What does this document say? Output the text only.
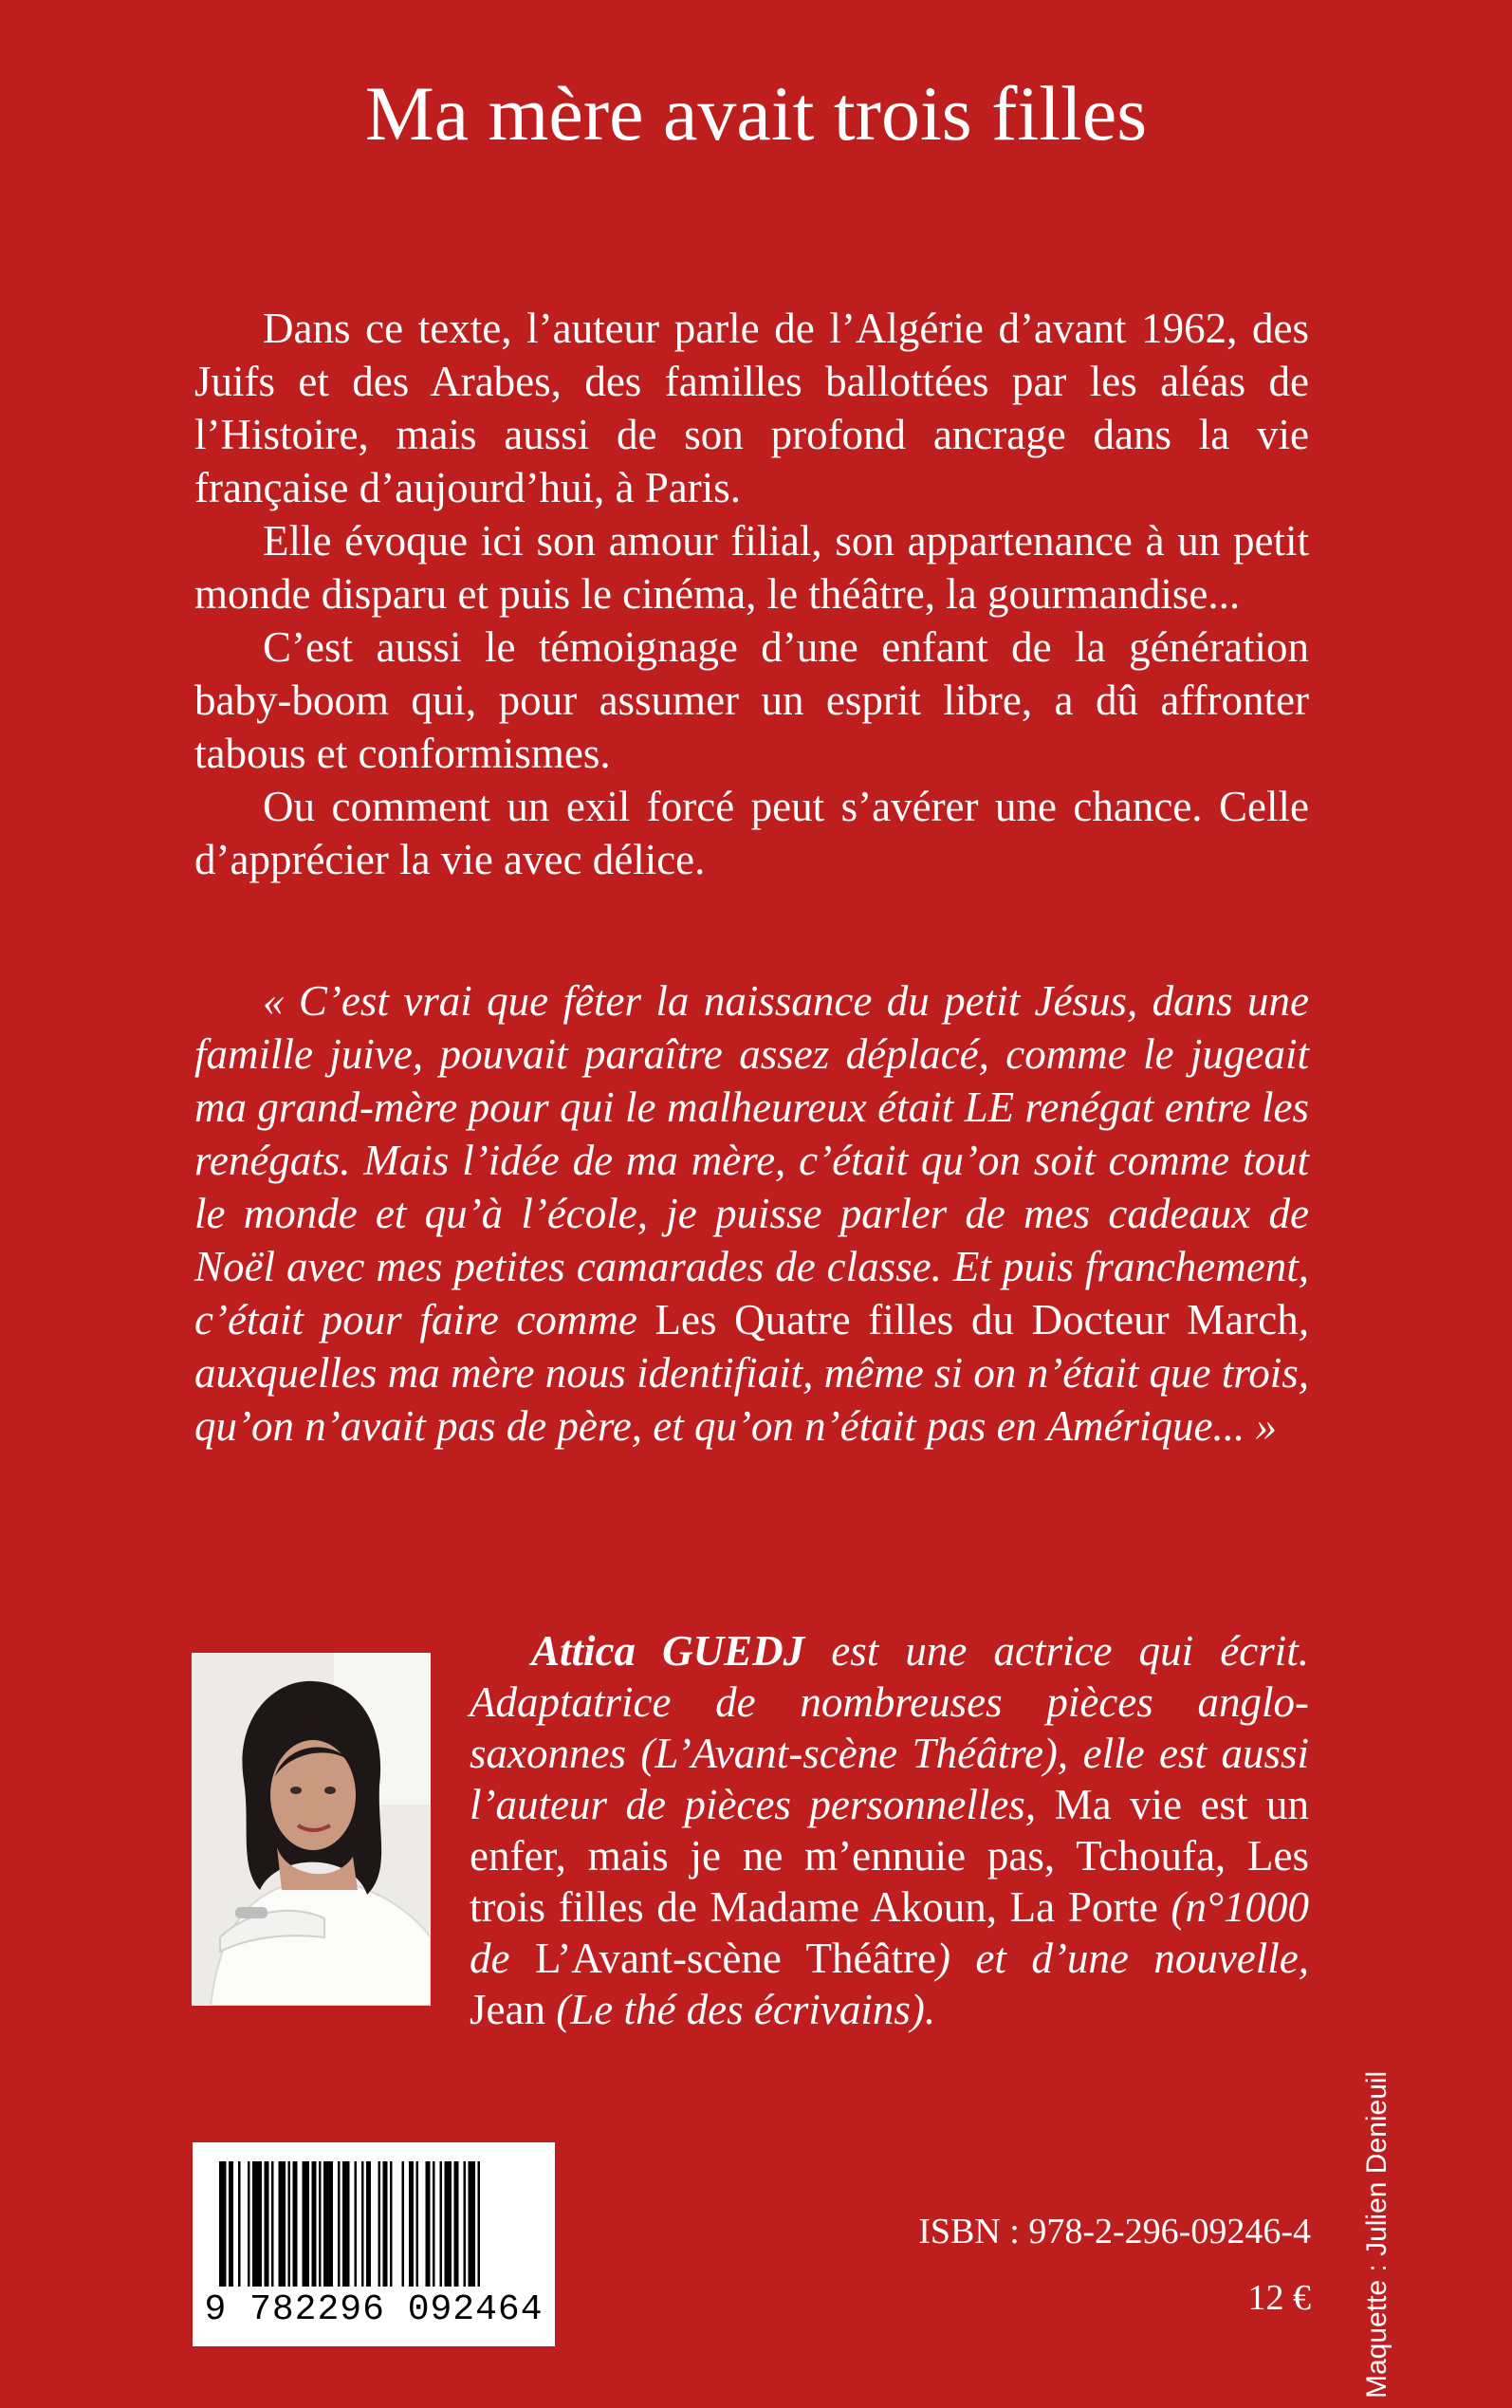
Ma mère avait trois filles

Dans ce texte, l’auteur parle de l’Algérie d’avant 1962, des Juifs et des Arabes, des familles ballottées par les aléas de l’Histoire, mais aussi de son profond ancrage dans la vie française d’aujourd’hui, à Paris.

Elle évoque ici son amour filial, son appartenance à un petit monde disparu et puis le cinéma, le théâtre, la gourmandise...

C’est aussi le témoignage d’une enfant de la génération baby-boom qui, pour assumer un esprit libre, a dû affronter tabous et conformismes.

Ou comment un exil forcé peut s’avérer une chance. Celle d’apprécier la vie avec délice.

« C’est vrai que fêter la naissance du petit Jésus, dans une famille juive, pouvait paraître assez déplacé, comme le jugeait ma grand-mère pour qui le malheureux était LE renégat entre les renégats. Mais l’idée de ma mère, c’était qu’on soit comme tout le monde et qu’à l’école, je puisse parler de mes cadeaux de Noël avec mes petites camarades de classe. Et puis franchement, c’était pour faire comme Les Quatre filles du Docteur March, auxquelles ma mère nous identifiait, même si on n’était que trois, qu’on n’avait pas de père, et qu’on n’était pas en Amérique... »

Attica GUEDJ est une actrice qui écrit. Adaptatrice de nombreuses pièces anglo-saxonnes (L’Avant-scène Théâtre), elle est aussi l’auteur de pièces personnelles, Ma vie est un enfer, mais je ne m’ennuie pas, Tchoufa, Les trois filles de Madame Akoun, La Porte (n°1000 de L’Avant-scène Théâtre) et d’une nouvelle, Jean (Le thé des écrivains).

9 782296 092464
ISBN : 978-2-296-09246-4
12 € Maquette : Julien Denieuil
